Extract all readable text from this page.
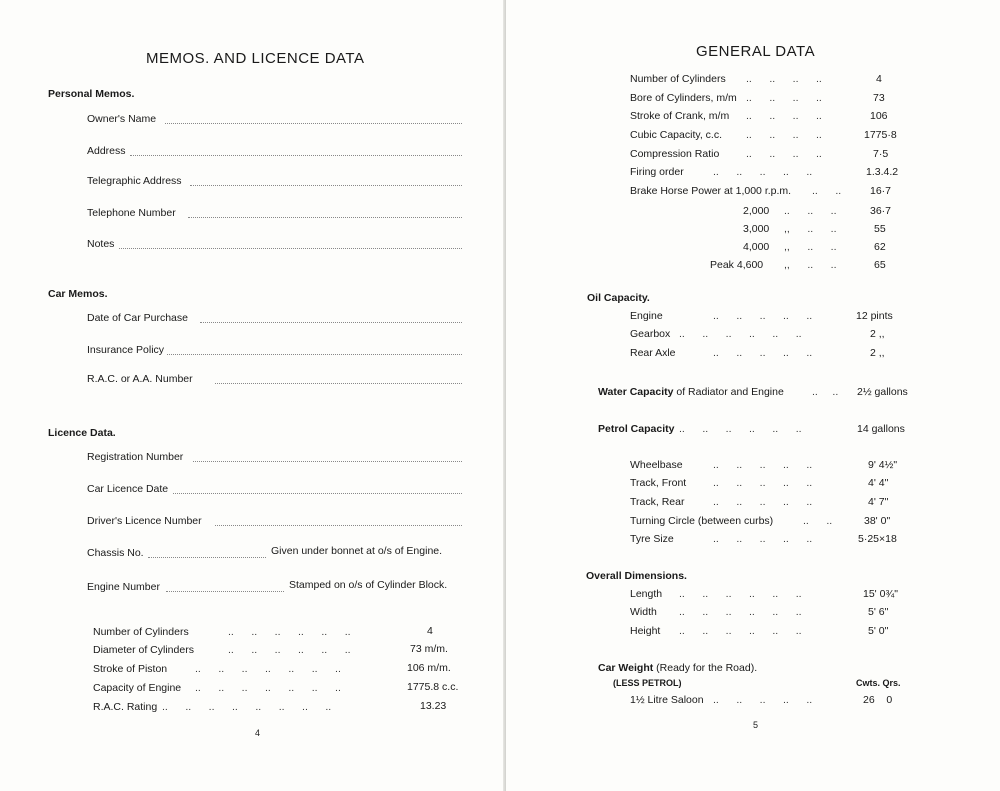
MEMOS. AND LICENCE DATA
Personal Memos.
Owner's Name
Address
Telegraphic Address
Telephone Number
Notes
Car Memos.
Date of Car Purchase
Insurance Policy
R.A.C. or A.A. Number
Licence Data.
Registration Number
Car Licence Date
Driver's Licence Number
Chassis No.	Given under bonnet at o/s of Engine.
Engine Number	Stamped on o/s of Cylinder Block.
Number of Cylinders	..      ..      ..      ..      ..      ..	4
Diameter of Cylinders	..      ..      ..      ..      ..      ..	73 m/m.
Stroke of Piston	..      ..      ..      ..      ..      ..      ..	106 m/m.
Capacity of Engine ..      ..      ..      ..      ..      ..      ..	1775.8 c.c.
R.A.C. Rating ..      ..      ..      ..      ..      ..      ..      ..	13.23
4
GENERAL DATA
Number of Cylinders ..      ..      ..      ..	4
Bore of Cylinders, m/m ..      ..      ..      ..	73
Stroke of Crank, m/m ..      ..      ..      ..	106
Cubic Capacity, c.c. ..      ..      ..      ..	1775·8
Compression Ratio	..      ..      ..      ..	7·5
Firing order	..      ..      ..      ..      ..	1.3.4.2
Brake Horse Power at 1,000 r.p.m. ..      ..	16·7
2,000 ..      ..      ..	36·7
3,000 ,,      ..      ..	55
4,000 ,,      ..      ..	62
Peak 4,600 ,,      ..      ..	65
Oil Capacity.
Engine	..      ..      ..      ..      ..	12 pints
Gearbox ..      ..      ..      ..      ..      ..	2 ,,
Rear Axle	..      ..      ..      ..      ..	2 ,,
Water Capacity of Radiator and Engine	..     .. 2½ gallons
Petrol Capacity ..      ..      ..      ..      ..      ..	14 gallons
Wheelbase	..      ..      ..      ..      ..	9' 4½"
Track, Front	..      ..      ..      ..      ..	4' 4"
Track, Rear	..      ..      ..      ..      ..	4' 7"
Turning Circle (between curbs)	..      ..	38' 0"
Tyre Size	..      ..      ..      ..      ..	5·25×18
Overall Dimensions.
Length ..      ..      ..      ..      ..      ..	15' 0¾"
Width ..      ..      ..      ..      ..      ..	5' 6"
Height ..      ..      ..      ..      ..      ..	5' 0"
Car Weight (Ready for the Road).
(LESS PETROL)	Cwts. Qrs.
1½ Litre Saloon ..      ..      ..      ..      ..	26    0
5
